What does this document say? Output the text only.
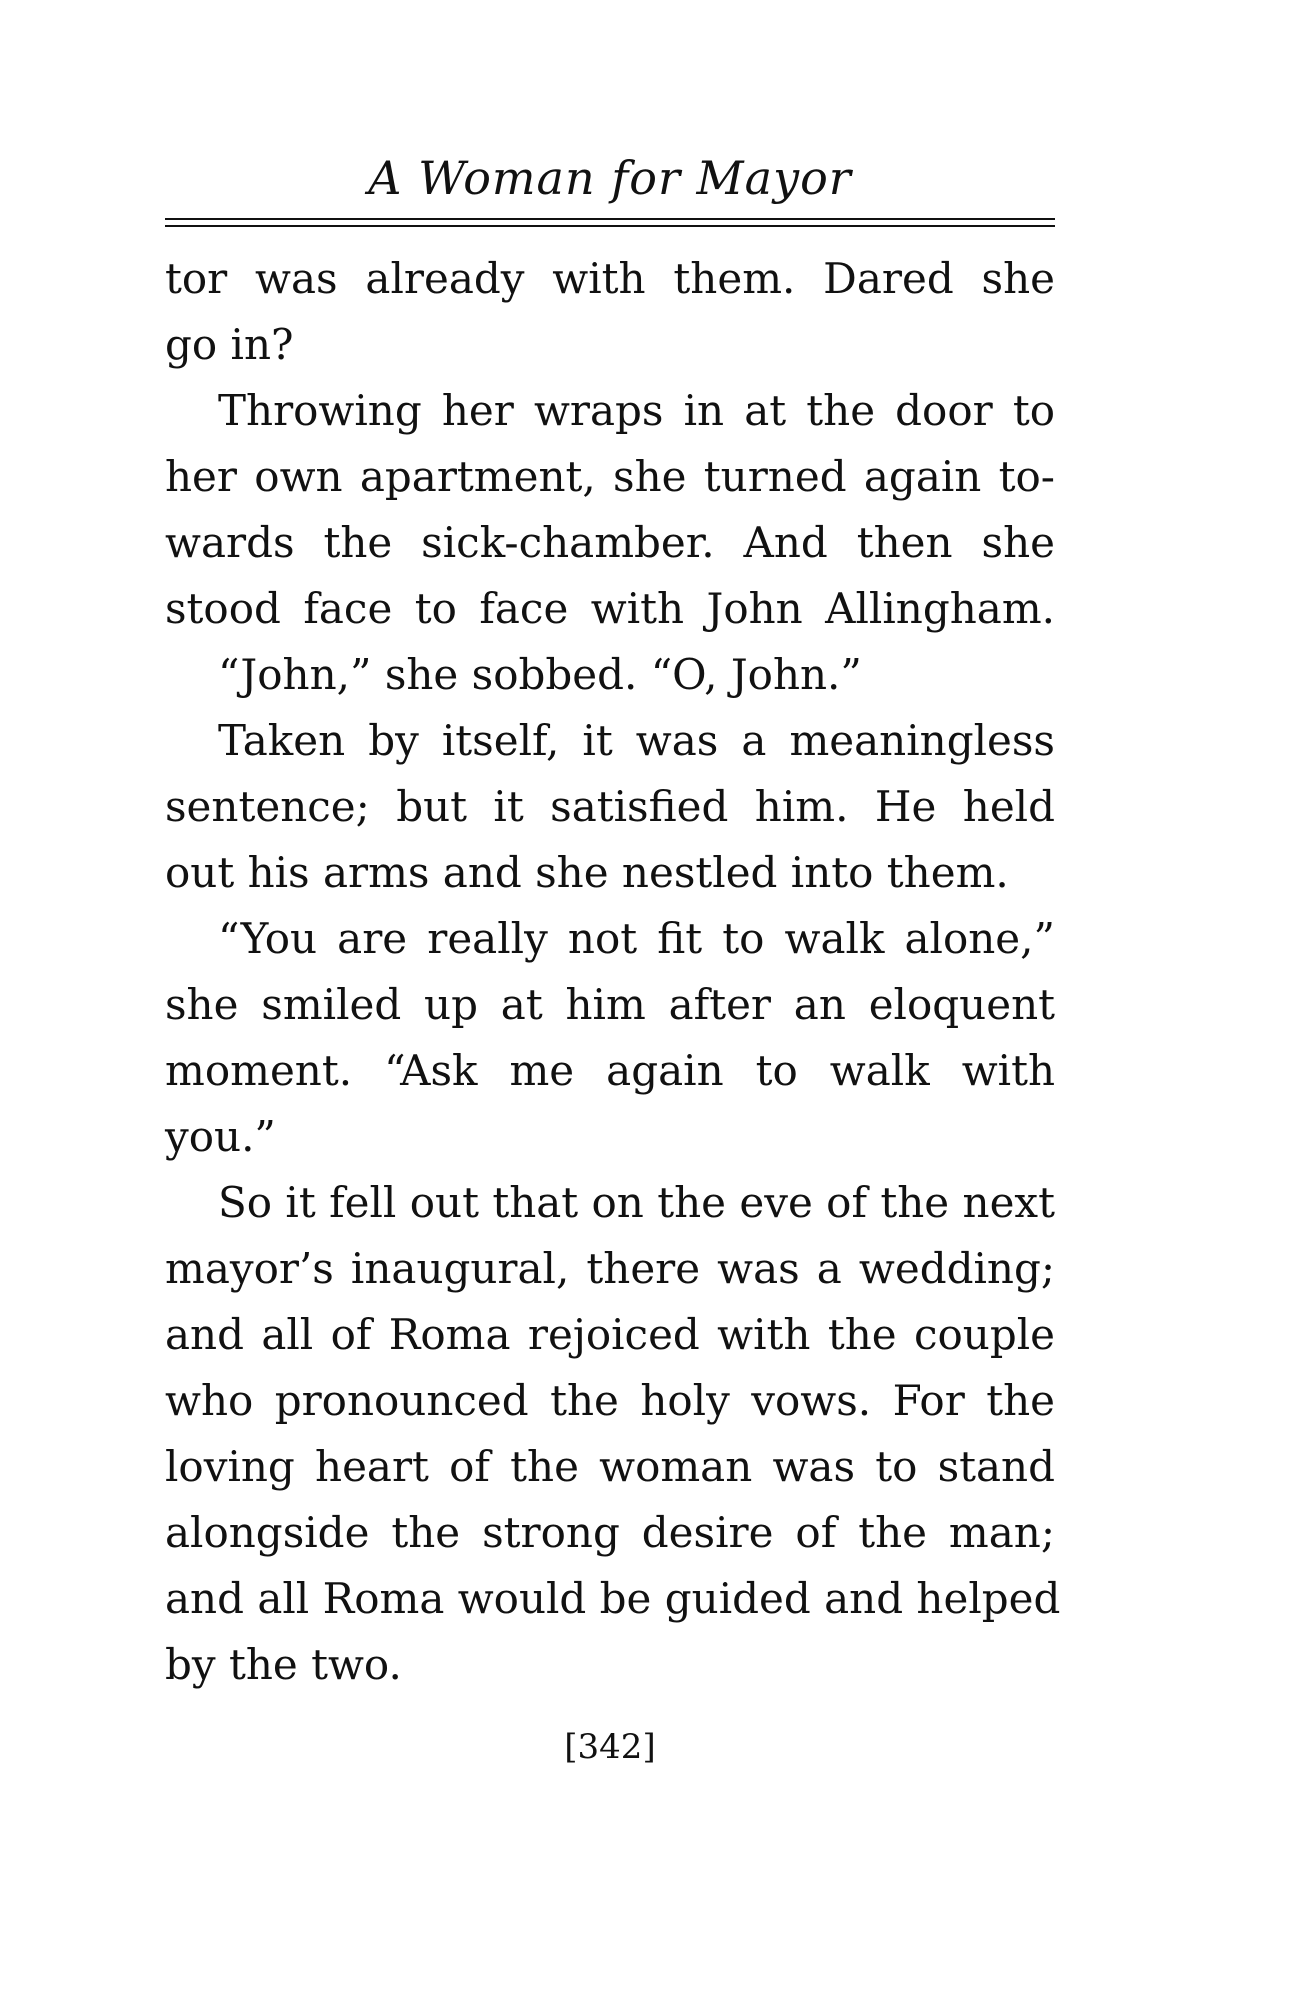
A Woman for Mayor
tor was already with them. Dared she
go in?
Throwing her wraps in at the door to
her own apartment, she turned again to-
wards the sick-chamber. And then she
stood face to face with John Allingham.
“John,” she sobbed. “O, John.”
Taken by itself, it was a meaningless
sentence; but it satisfied him. He held
out his arms and she nestled into them.
“You are really not fit to walk alone,”
she smiled up at him after an eloquent
moment. “Ask me again to walk with
you.”
So it fell out that on the eve of the next
mayor’s inaugural, there was a wedding;
and all of Roma rejoiced with the couple
who pronounced the holy vows. For the
loving heart of the woman was to stand
alongside the strong desire of the man;
and all Roma would be guided and helped
by the two.
[342]
